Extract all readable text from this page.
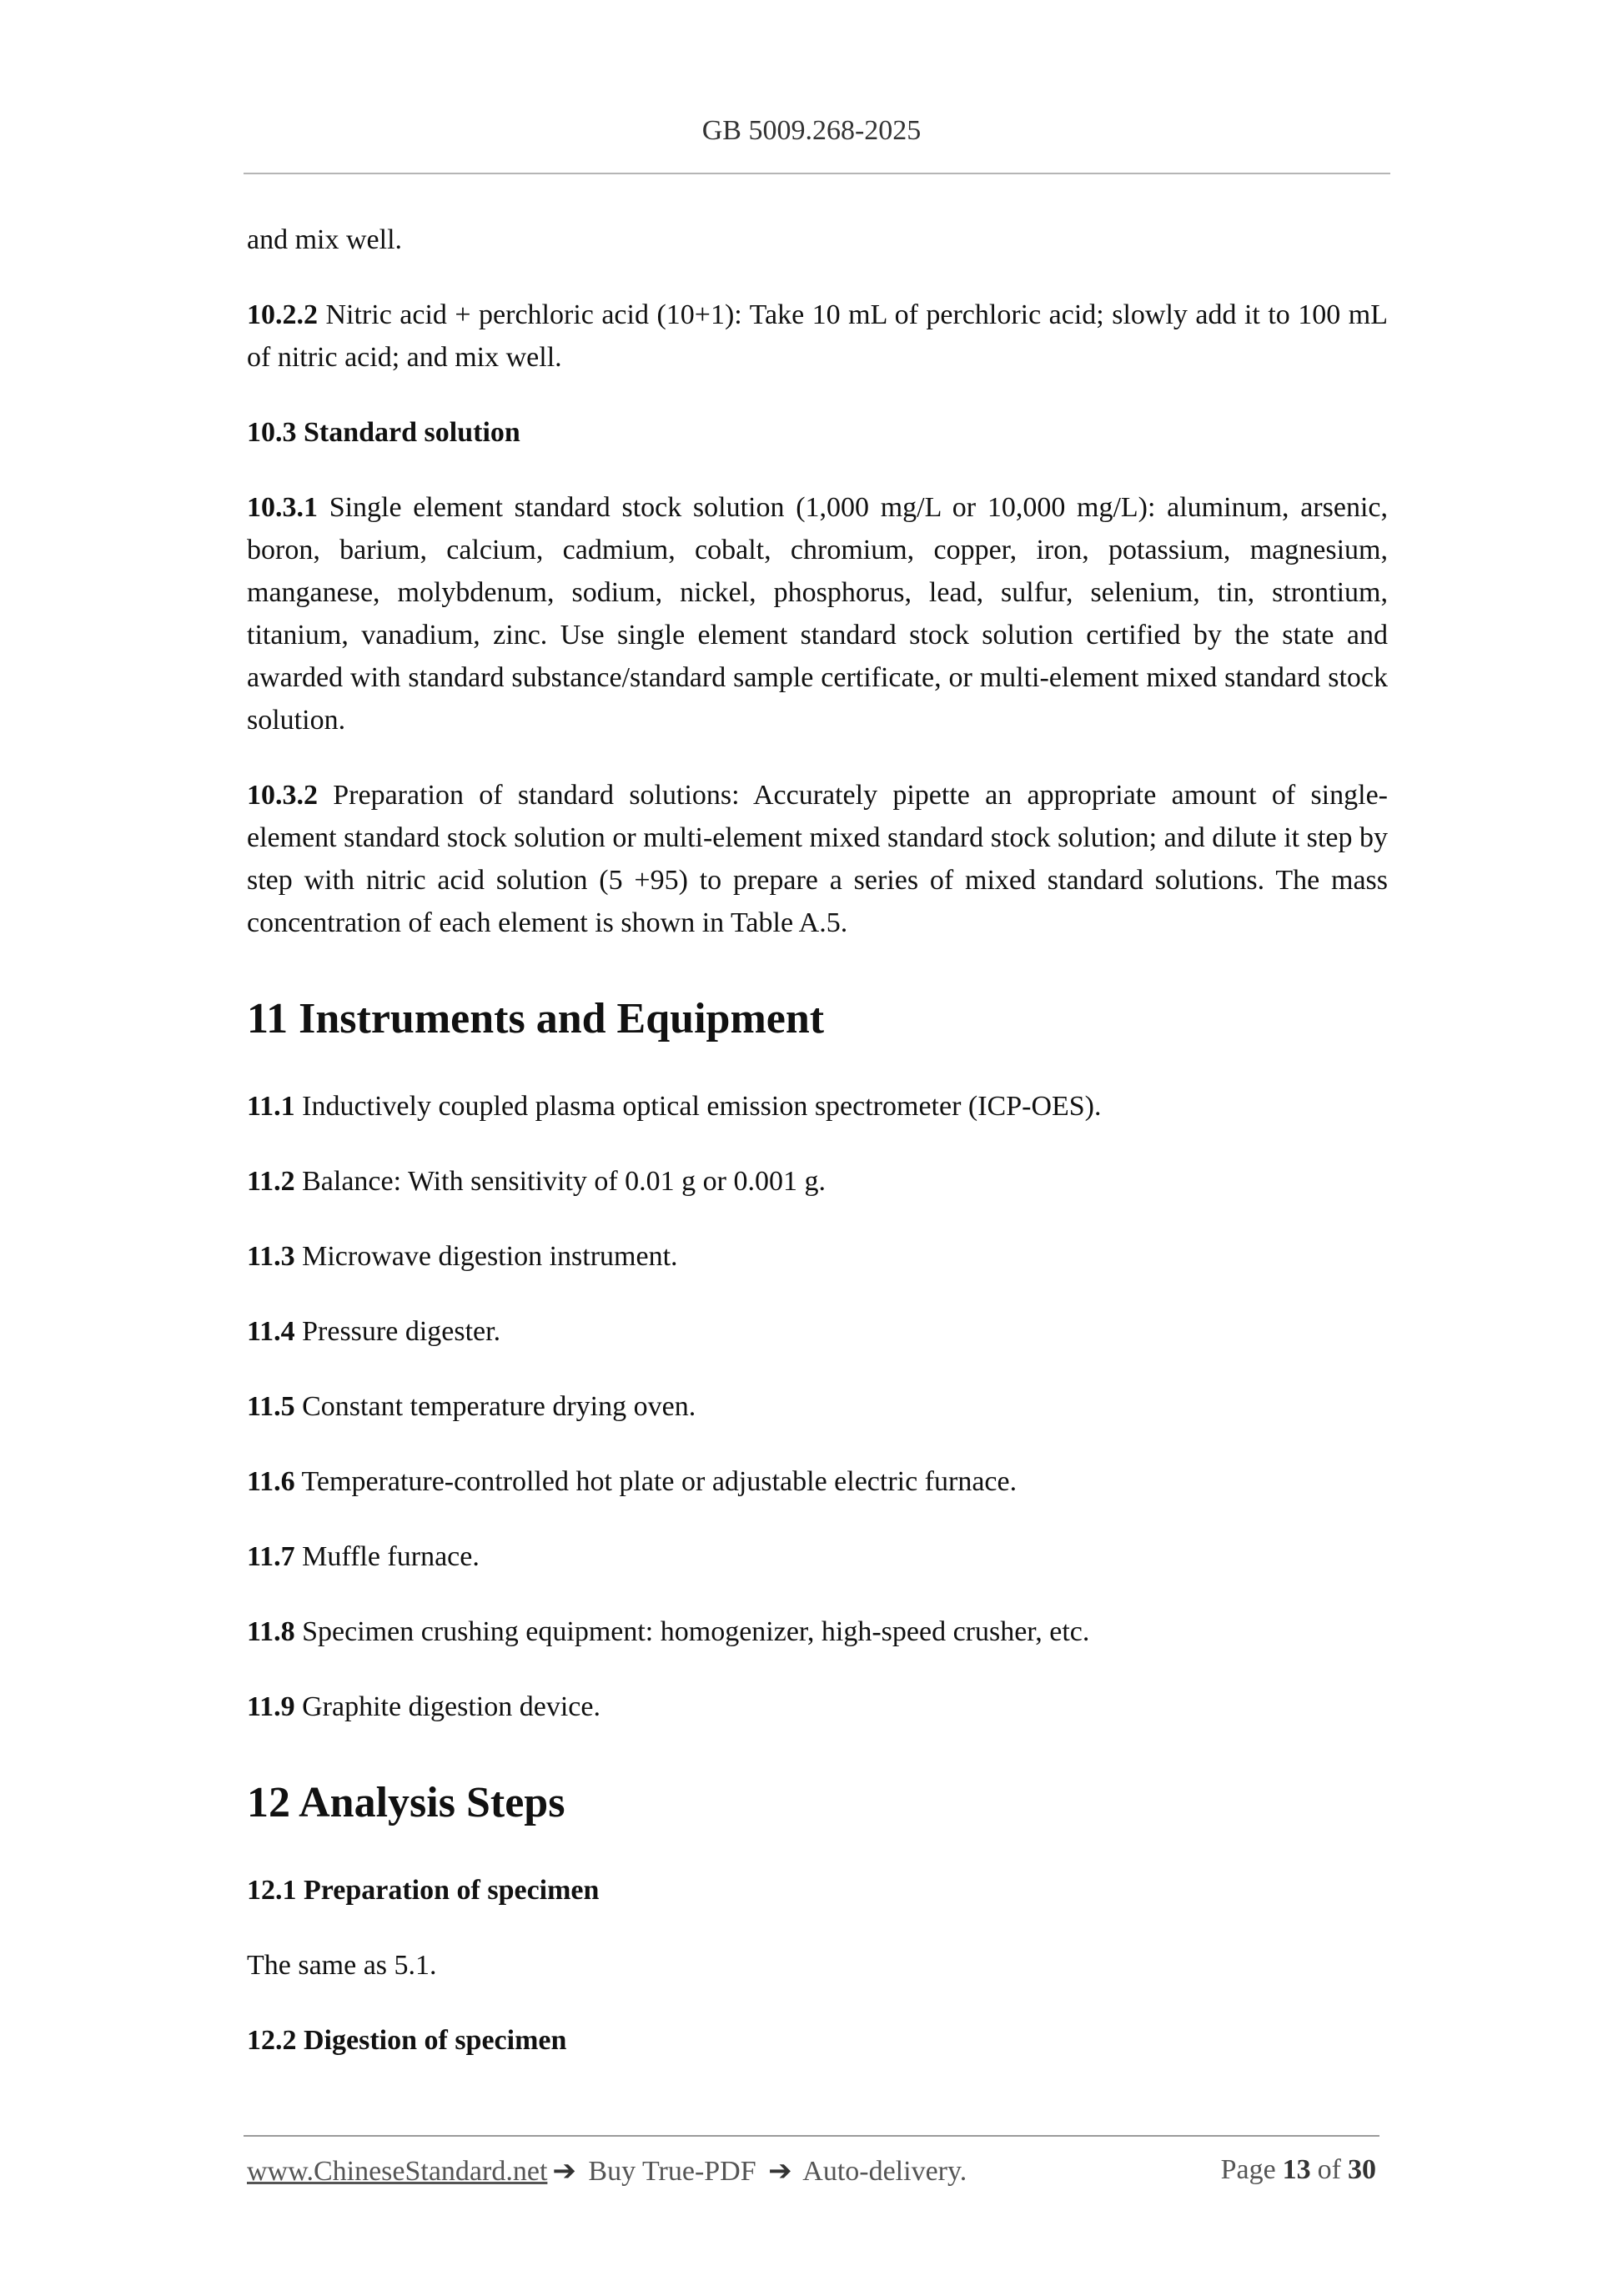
GB 5009.268-2025

and mix well.

10.2.2 Nitric acid + perchloric acid (10+1): Take 10 mL of perchloric acid; slowly add it to 100 mL of nitric acid; and mix well.

10.3 Standard solution

10.3.1 Single element standard stock solution (1,000 mg/L or 10,000 mg/L): aluminum, arsenic, boron, barium, calcium, cadmium, cobalt, chromium, copper, iron, potassium, magnesium, manganese, molybdenum, sodium, nickel, phosphorus, lead, sulfur, selenium, tin, strontium, titanium, vanadium, zinc. Use single element standard stock solution certified by the state and awarded with standard substance/standard sample certificate, or multi-element mixed standard stock solution.

10.3.2 Preparation of standard solutions: Accurately pipette an appropriate amount of single-element standard stock solution or multi-element mixed standard stock solution; and dilute it step by step with nitric acid solution (5 +95) to prepare a series of mixed standard solutions. The mass concentration of each element is shown in Table A.5.

11 Instruments and Equipment

11.1 Inductively coupled plasma optical emission spectrometer (ICP-OES).

11.2 Balance: With sensitivity of 0.01 g or 0.001 g.

11.3 Microwave digestion instrument.

11.4 Pressure digester.

11.5 Constant temperature drying oven.

11.6 Temperature-controlled hot plate or adjustable electric furnace.

11.7 Muffle furnace.

11.8 Specimen crushing equipment: homogenizer, high-speed crusher, etc.

11.9 Graphite digestion device.

12 Analysis Steps

12.1 Preparation of specimen

The same as 5.1.

12.2 Digestion of specimen

www.ChineseStandard.net ➔ Buy True-PDF ➔ Auto-delivery.	Page 13 of 30
